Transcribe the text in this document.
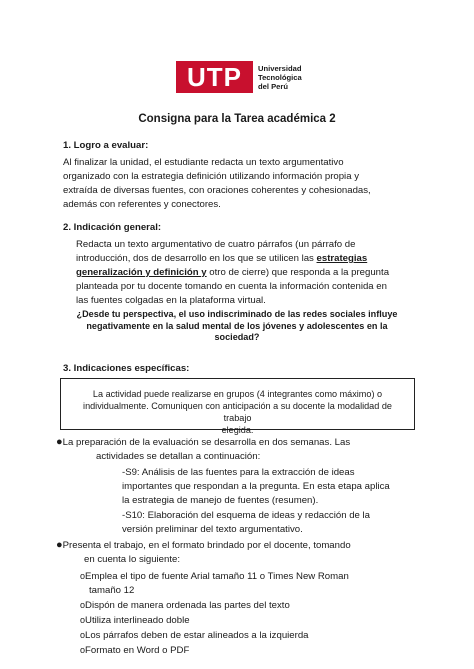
UTP Universidad
Tecnológica
del Perú
Consigna para la Tarea académica 2
1. Logro a evaluar:
Al finalizar la unidad, el estudiante redacta un texto argumentativo
organizado con la estrategia definición utilizando información propia y
extraída de diversas fuentes, con oraciones coherentes y cohesionadas,
además con referentes y conectores.
2. Indicación general:
Redacta un texto argumentativo de cuatro párrafos (un párrafo de
introducción, dos de desarrollo en los que se utilicen las estrategias
generalización y definición y otro de cierre) que responda a la pregunta
planteada por tu docente tomando en cuenta la información contenida en
las fuentes colgadas en la plataforma virtual.
¿Desde tu perspectiva, el uso indiscriminado de las redes sociales influye
negativamente en la salud mental de los jóvenes y adolescentes en la
sociedad?
3. Indicaciones específicas:
La actividad puede realizarse en grupos (4 integrantes como máximo) o
individualmente. Comuniquen con anticipación a su docente la modalidad de trabajo
elegida.
●La preparación de la evaluación se desarrolla en dos semanas. Las
actividades se detallan a continuación:
-S9: Análisis de las fuentes para la extracción de ideas
importantes que respondan a la pregunta. En esta etapa aplica
la estrategia de manejo de fuentes (resumen).
-S10: Elaboración del esquema de ideas y redacción de la
versión preliminar del texto argumentativo.
●Presenta el trabajo, en el formato brindado por el docente, tomando
en cuenta lo siguiente:
oEmplea el tipo de fuente Arial tamaño 11 o Times New Roman
tamaño 12
oDispón de manera ordenada las partes del texto
oUtiliza interlineado doble
oLos párrafos deben de estar alineados a la izquierda
oFormato en Word o PDF
